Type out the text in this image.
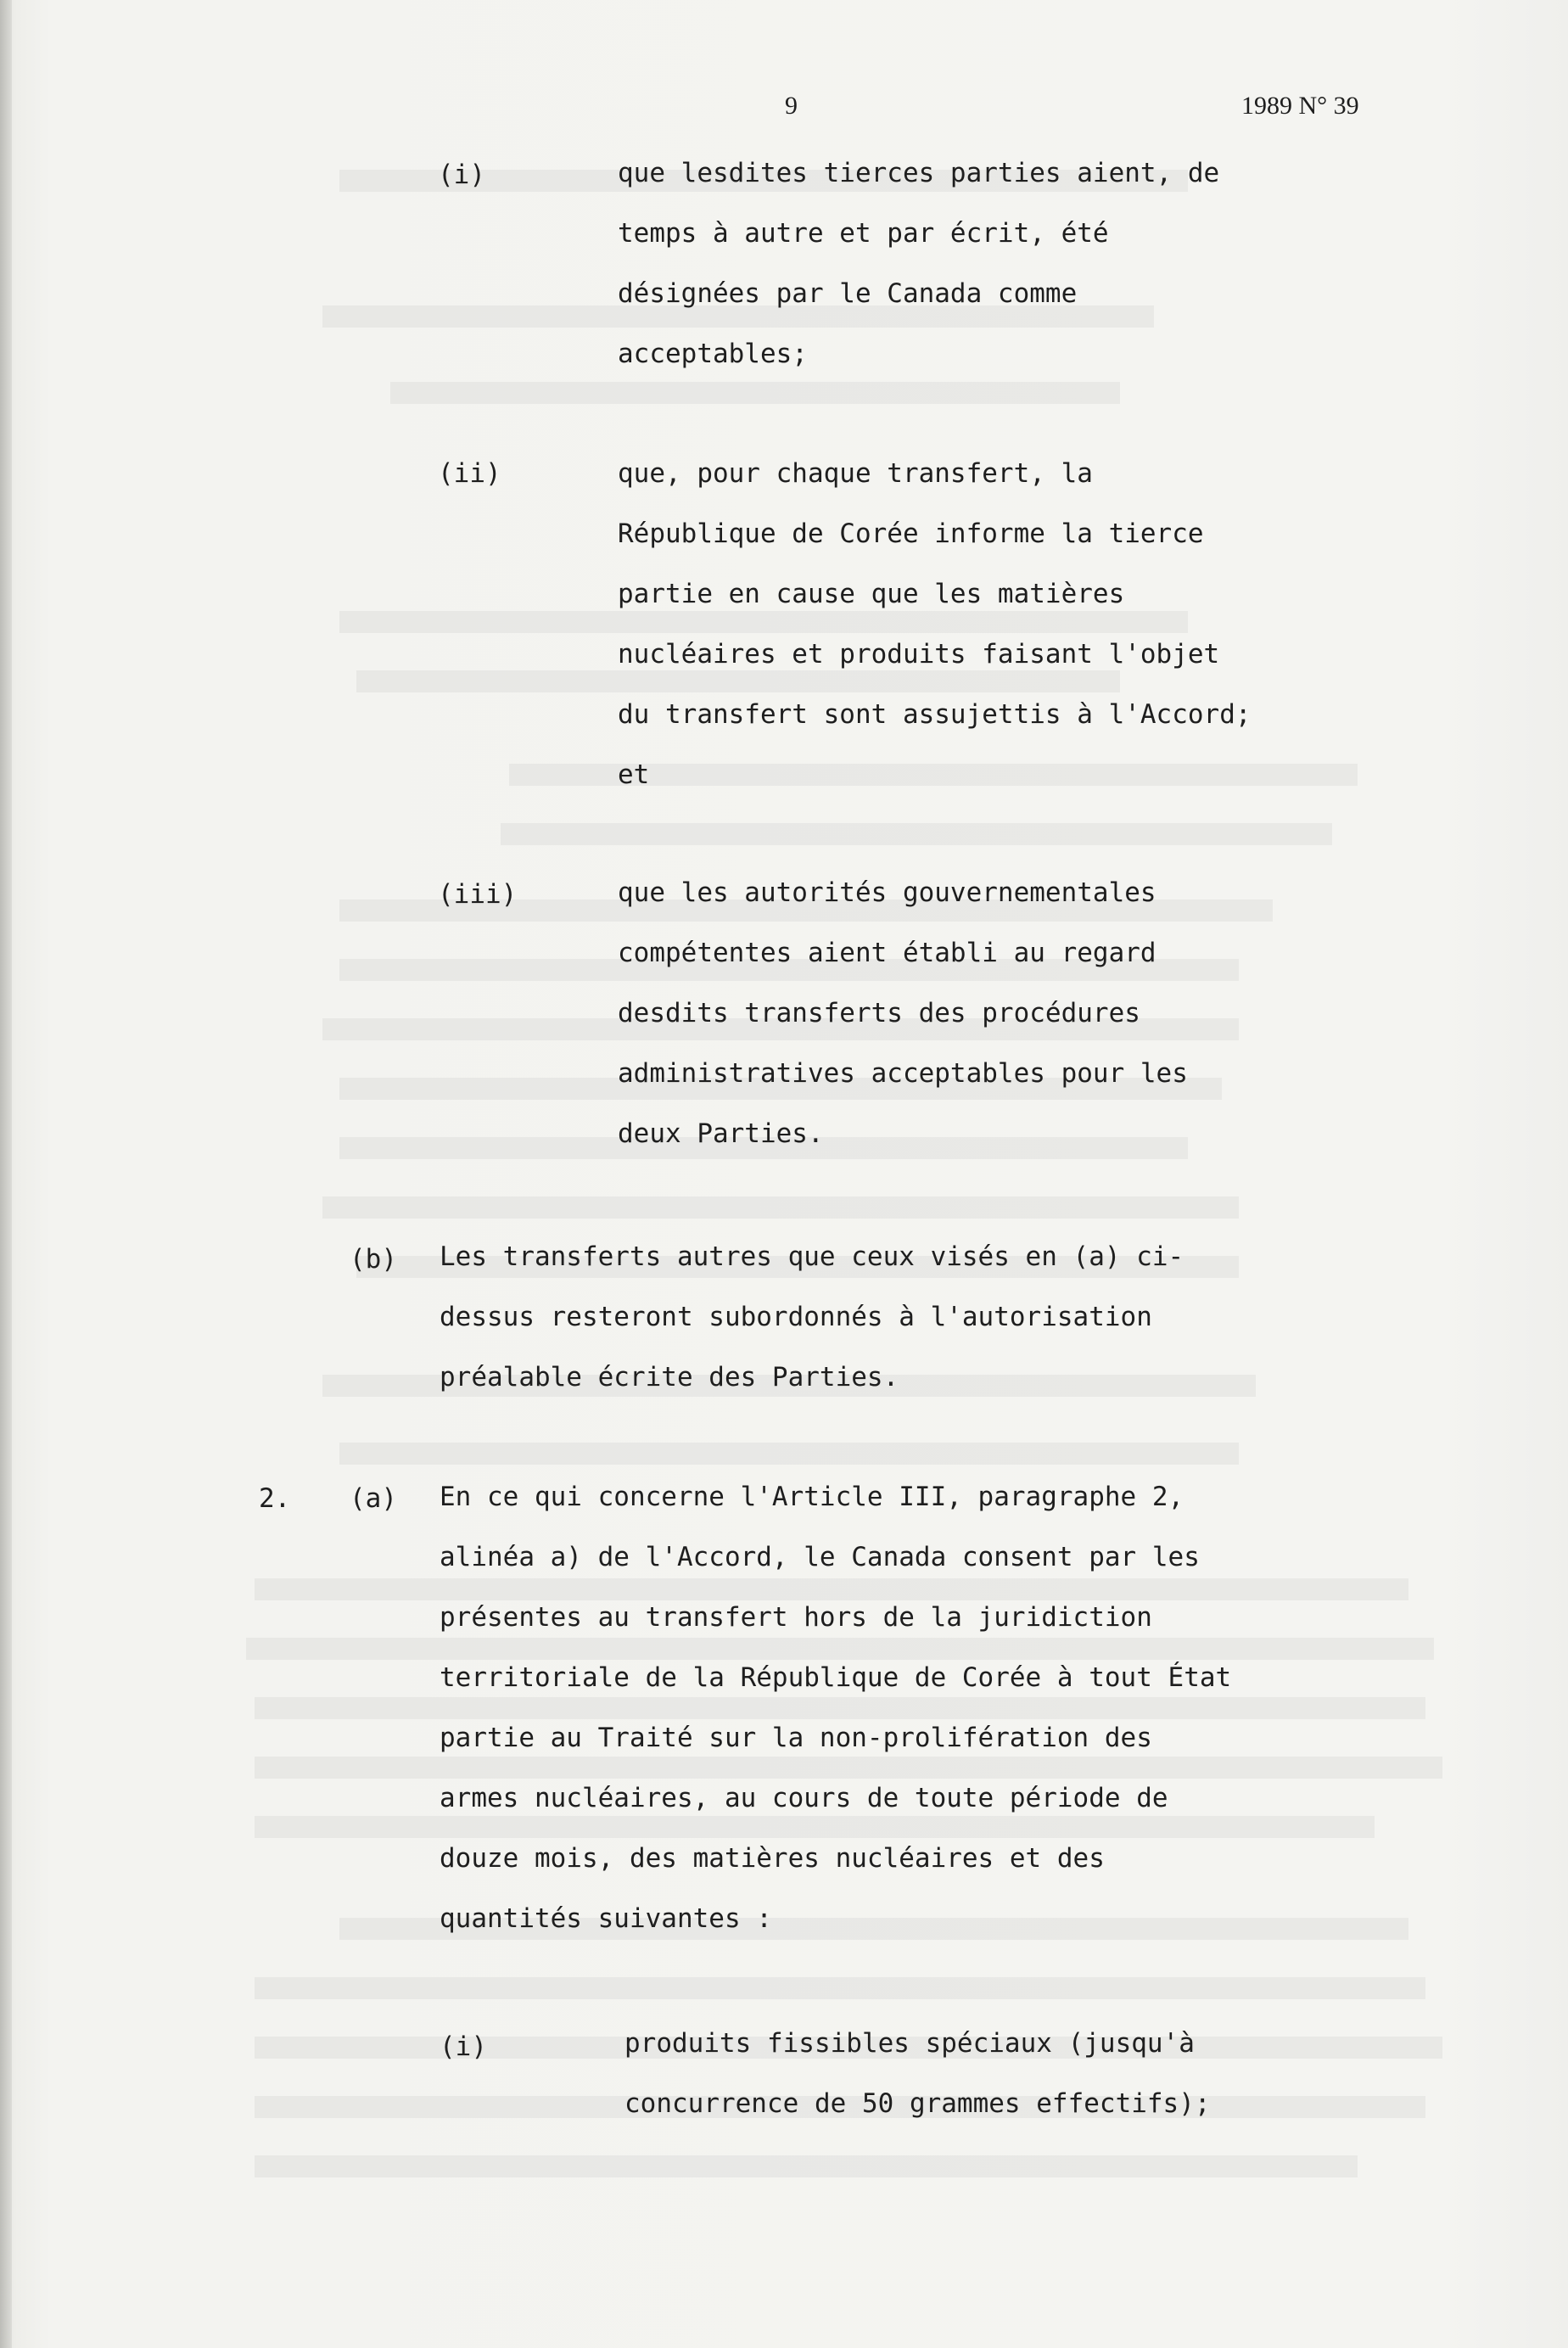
9	1989 N° 39
(i)	que lesdites tierces parties aient, de
temps à autre et par écrit, été
désignées par le Canada comme
acceptables;
(ii)	que, pour chaque transfert, la
République de Corée informe la tierce
partie en cause que les matières
nucléaires et produits faisant l'objet
du transfert sont assujettis à l'Accord;
et
(iii)	que les autorités gouvernementales
compétentes aient établi au regard
desdits transferts des procédures
administratives acceptables pour les
deux Parties.
(b) Les transferts autres que ceux visés en (a) ci-
dessus resteront subordonnés à l'autorisation
préalable écrite des Parties.
2. (a) En ce qui concerne l'Article III, paragraphe 2,
alinéa a) de l'Accord, le Canada consent par les
présentes au transfert hors de la juridiction
territoriale de la République de Corée à tout État
partie au Traité sur la non-prolifération des
armes nucléaires, au cours de toute période de
douze mois, des matières nucléaires et des
quantités suivantes :
(i)	produits fissibles spéciaux (jusqu'à
concurrence de 50 grammes effectifs);
